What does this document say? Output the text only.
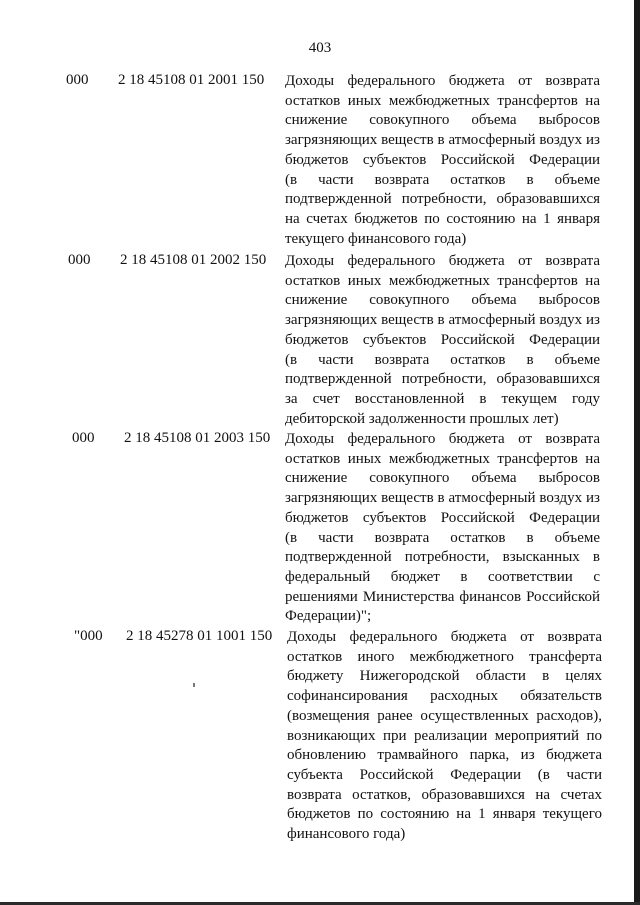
403
000 2 18 45108 01 2001 150 Доходы федерального бюджета от возврата
остатков иных межбюджетных трансфертов на
снижение совокупного объема выбросов
загрязняющих веществ в атмосферный воздух из
бюджетов субъектов Российской Федерации
(в части возврата остатков в объеме
подтвержденной потребности, образовавшихся
на счетах бюджетов по состоянию на 1 января
текущего финансового года)
000 2 18 45108 01 2002 150 Доходы федерального бюджета от возврата
остатков иных межбюджетных трансфертов на
снижение совокупного объема выбросов
загрязняющих веществ в атмосферный воздух из
бюджетов субъектов Российской Федерации
(в части возврата остатков в объеме
подтвержденной потребности, образовавшихся
за счет восстановленной в текущем году
дебиторской задолженности прошлых лет)
000 2 18 45108 01 2003 150 Доходы федерального бюджета от возврата
остатков иных межбюджетных трансфертов на
снижение совокупного объема выбросов
загрязняющих веществ в атмосферный воздух из
бюджетов субъектов Российской Федерации
(в части возврата остатков в объеме
подтвержденной потребности, взысканных в
федеральный бюджет в соответствии с
решениями Министерства финансов Российской
Федерации)";
"000 2 18 45278 01 1001 150 Доходы федерального бюджета от возврата
остатков иного межбюджетного трансферта
бюджету Нижегородской области в целях
софинансирования расходных обязательств
(возмещения ранее осуществленных расходов),
возникающих при реализации мероприятий по
обновлению трамвайного парка, из бюджета
субъекта Российской Федерации (в части
возврата остатков, образовавшихся на счетах
бюджетов по состоянию на 1 января текущего
финансового года)
